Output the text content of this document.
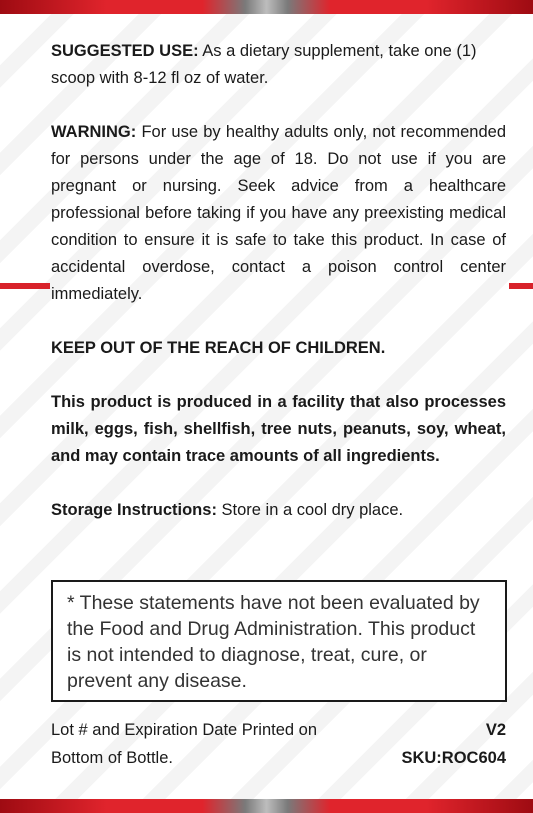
SUGGESTED USE: As a dietary supplement, take one (1) scoop with 8-12 fl oz of water.

WARNING: For use by healthy adults only, not recommended for persons under the age of 18. Do not use if you are pregnant or nursing. Seek advice from a healthcare professional before taking if you have any preexisting medical condition to ensure it is safe to take this product. In case of accidental overdose, contact a poison control center immediately.

KEEP OUT OF THE REACH OF CHILDREN.

This product is produced in a facility that also processes milk, eggs, fish, shellfish, tree nuts, peanuts, soy, wheat, and may contain trace amounts of all ingredients.

Storage Instructions: Store in a cool dry place.

* These statements have not been evaluated by the Food and Drug Administration. This product is not intended to diagnose, treat, cure, or prevent any disease.
Lot # and Expiration Date Printed on
Bottom of Bottle.
V2
SKU:ROC604
